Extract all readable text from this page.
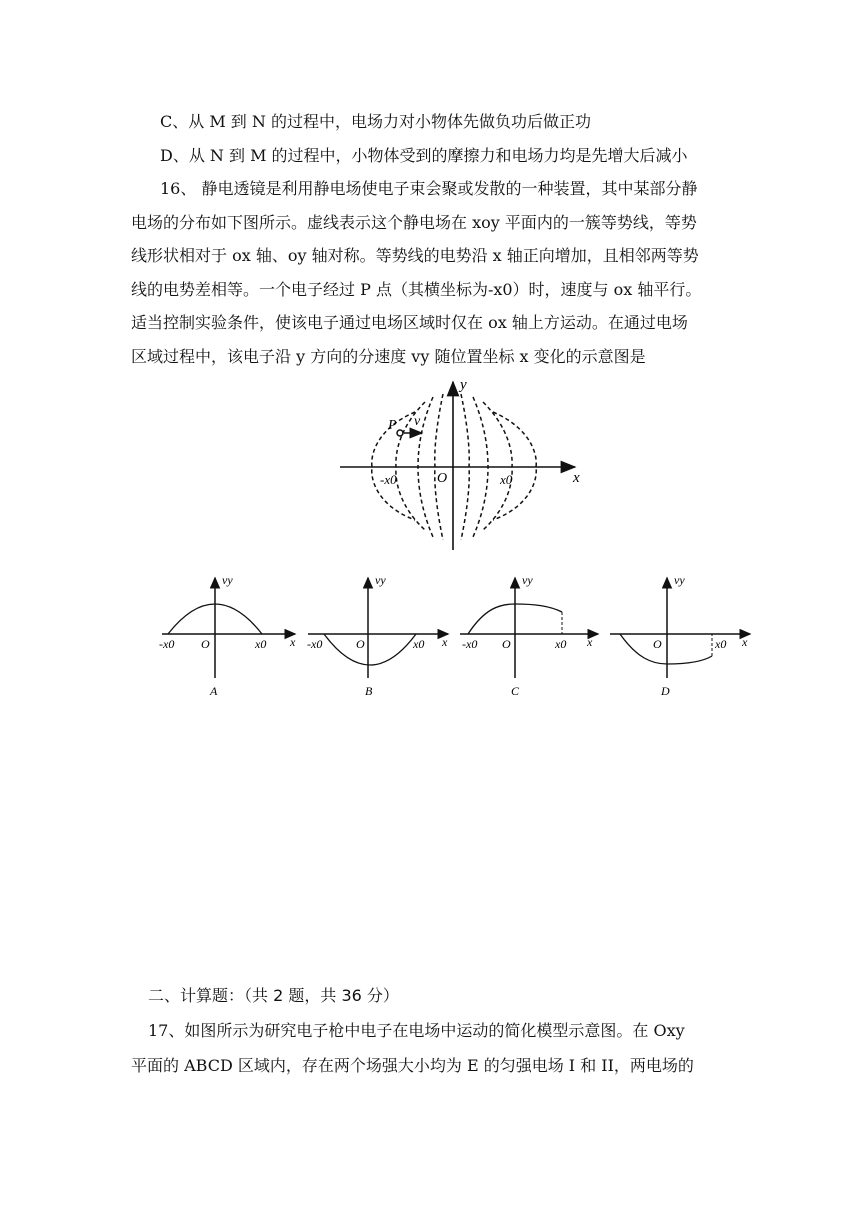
C、从 M 到 N 的过程中，电场力对小物体先做负功后做正功
D、从 N 到 M 的过程中，小物体受到的摩擦力和电场力均是先增大后减小
16、 静电透镜是利用静电场使电子束会聚或发散的一种装置，其中某部分静
电场的分布如下图所示。虚线表示这个静电场在 xoy 平面内的一簇等势线，等势
线形状相对于 ox 轴、oy 轴对称。等势线的电势沿 x 轴正向增加，且相邻两等势
线的电势差相等。一个电子经过 P 点（其横坐标为-x0）时，速度与 ox 轴平行。
适当控制实验条件，使该电子通过电场区域时仅在 ox 轴上方运动。在通过电场
区域过程中，该电子沿 y 方向的分速度 vy 随位置坐标 x 变化的示意图是
P v
y
x
O
-x0	x0
vy
x
O
-x0	x0
A
vy
x
O
-x0	x0
B
vy
x
O
-x0	x0
C
vy
x
O	x0
D
二、计算题：（共 2 题，共 36 分）
17、如图所示为研究电子枪中电子在电场中运动的简化模型示意图。在 Oxy
平面的 ABCD 区域内，存在两个场强大小均为 E 的匀强电场 I 和 II，两电场的
